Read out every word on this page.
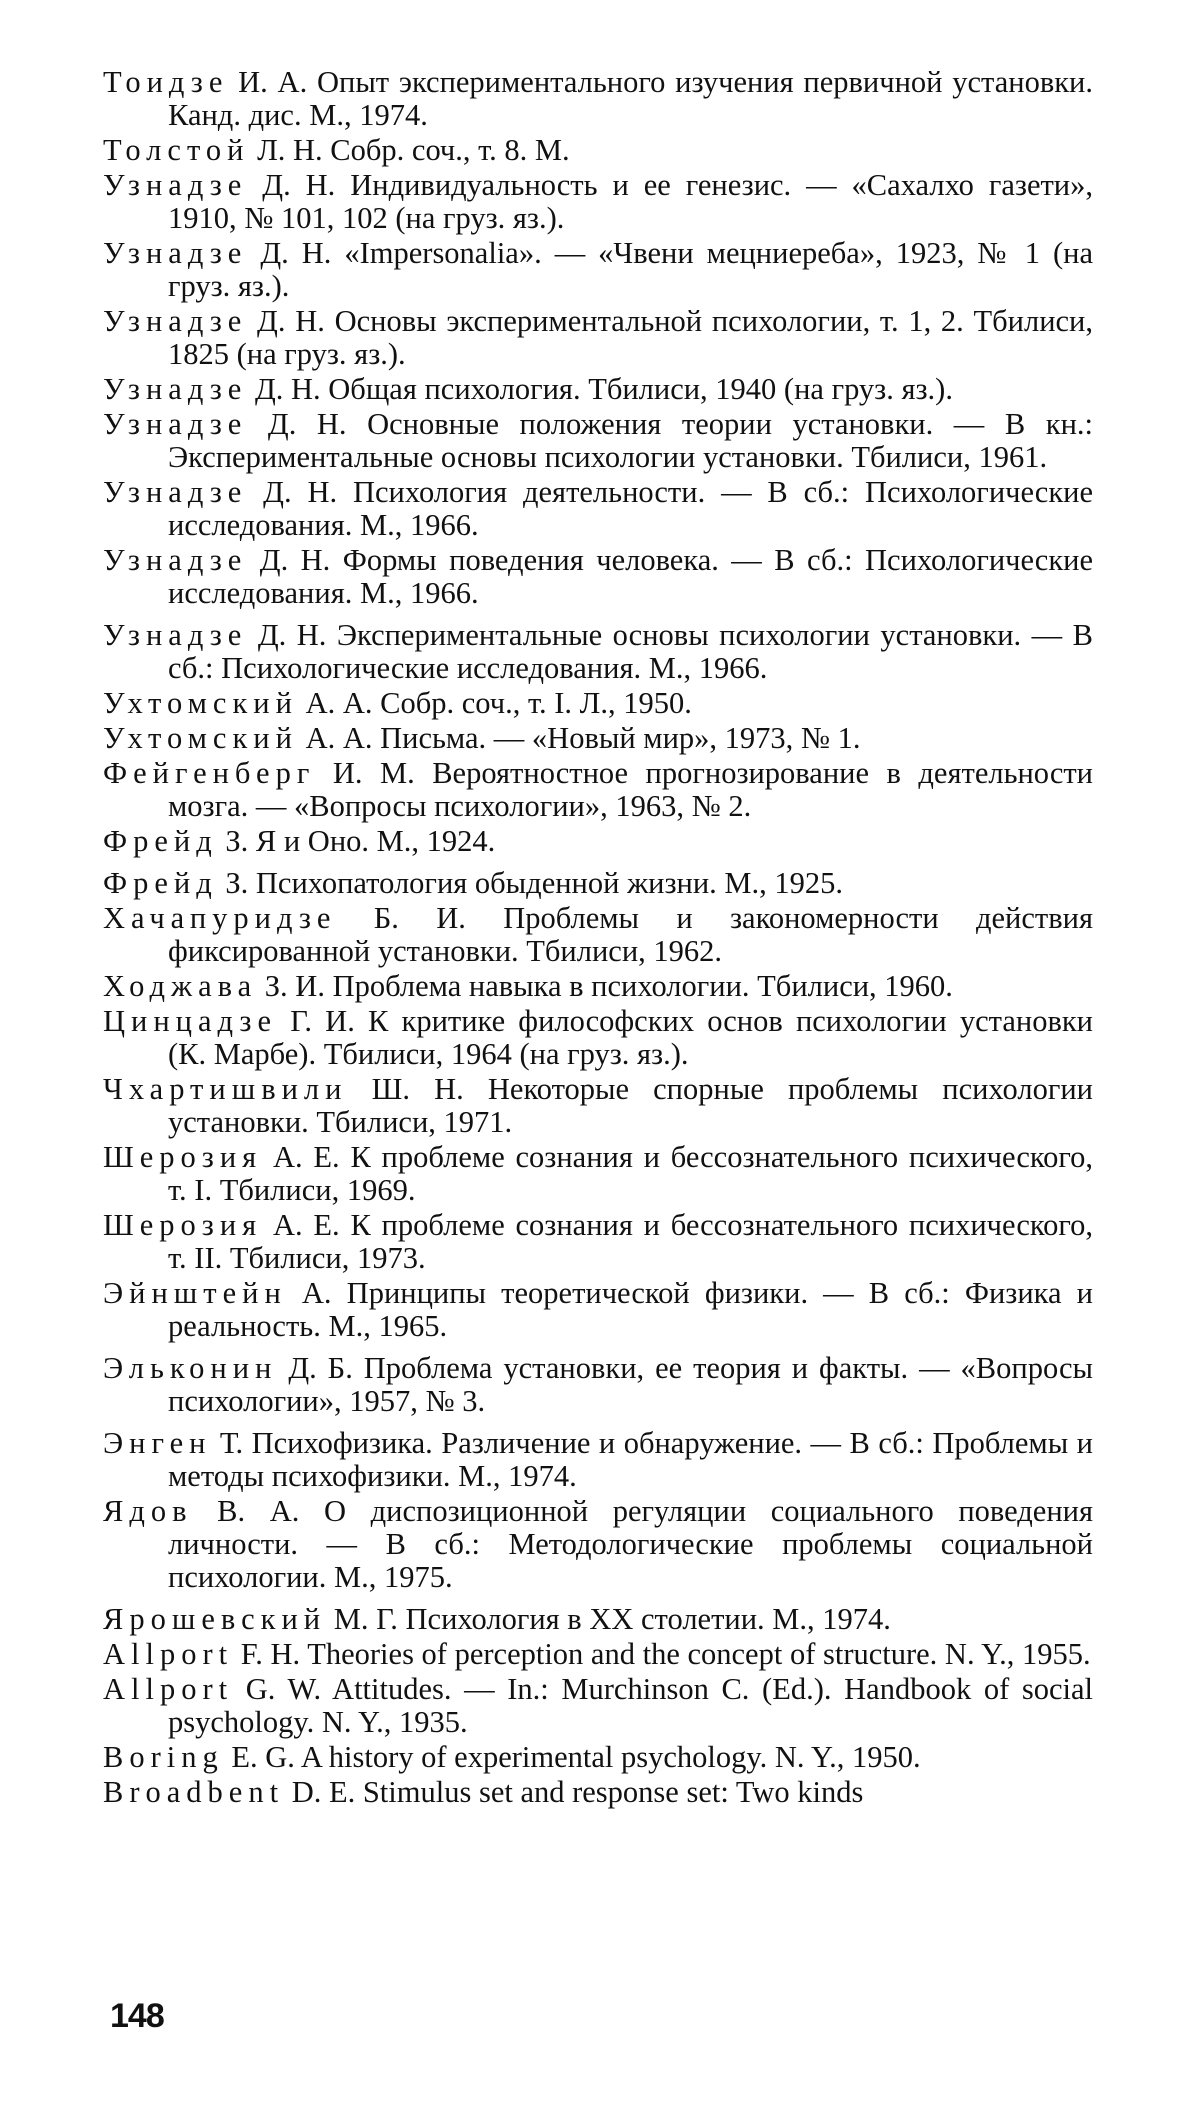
Тоидзе И. А. Опыт экспериментального изучения первичной установки. Канд. дис. М., 1974.

Толстой Л. Н. Собр. соч., т. 8. М.

Узнадзе Д. Н. Индивидуальность и ее генезис. — «Сахалхо газети», 1910, № 101, 102 (на груз. яз.).

Узнадзе Д. Н. «Impersonalia». — «Чвени мецниереба», 1923, № 1 (на груз. яз.).

Узнадзе Д. Н. Основы экспериментальной психологии, т. 1, 2. Тбилиси, 1825 (на груз. яз.).

Узнадзе Д. Н. Общая психология. Тбилиси, 1940 (на груз. яз.).

Узнадзе Д. Н. Основные положения теории установки. — В кн.: Экспериментальные основы психологии установки. Тбилиси, 1961.

Узнадзе Д. Н. Психология деятельности. — В сб.: Психологические исследования. М., 1966.

Узнадзе Д. Н. Формы поведения человека. — В сб.: Психологические исследования. М., 1966.

Узнадзе Д. Н. Экспериментальные основы психологии установки. — В сб.: Психологические исследования. М., 1966.

Ухтомский А. А. Собр. соч., т. I. Л., 1950.

Ухтомский А. А. Письма. — «Новый мир», 1973, № 1.

Фейгенберг И. М. Вероятностное прогнозирование в деятельности мозга. — «Вопросы психологии», 1963, № 2.

Фрейд З. Я и Оно. М., 1924.

Фрейд З. Психопатология обыденной жизни. М., 1925.

Хачапуридзе Б. И. Проблемы и закономерности действия фиксированной установки. Тбилиси, 1962.

Ходжава З. И. Проблема навыка в психологии. Тбилиси, 1960.

Цинцадзе Г. И. К критике философских основ психологии установки (К. Марбе). Тбилиси, 1964 (на груз. яз.).

Чхартишвили Ш. Н. Некоторые спорные проблемы психологии установки. Тбилиси, 1971.

Шерозия А. Е. К проблеме сознания и бессознательного психического, т. I. Тбилиси, 1969.

Шерозия А. Е. К проблеме сознания и бессознательного психического, т. II. Тбилиси, 1973.

Эйнштейн А. Принципы теоретической физики. — В сб.: Физика и реальность. М., 1965.

Эльконин Д. Б. Проблема установки, ее теория и факты. — «Вопросы психологии», 1957, № 3.

Энген Т. Психофизика. Различение и обнаружение. — В сб.: Проблемы и методы психофизики. М., 1974.

Ядов В. А. О диспозиционной регуляции социального поведения личности. — В сб.: Методологические проблемы социальной психологии. М., 1975.

Ярошевский М. Г. Психология в XX столетии. М., 1974.

Allport F. H. Theories of perception and the concept of structure. N. Y., 1955.

Allport G. W. Attitudes. — In.: Murchinson C. (Ed.). Handbook of social psychology. N. Y., 1935.

Boring E. G. A history of experimental psychology. N. Y., 1950.

Broadbent D. E. Stimulus set and response set: Two kinds

148
